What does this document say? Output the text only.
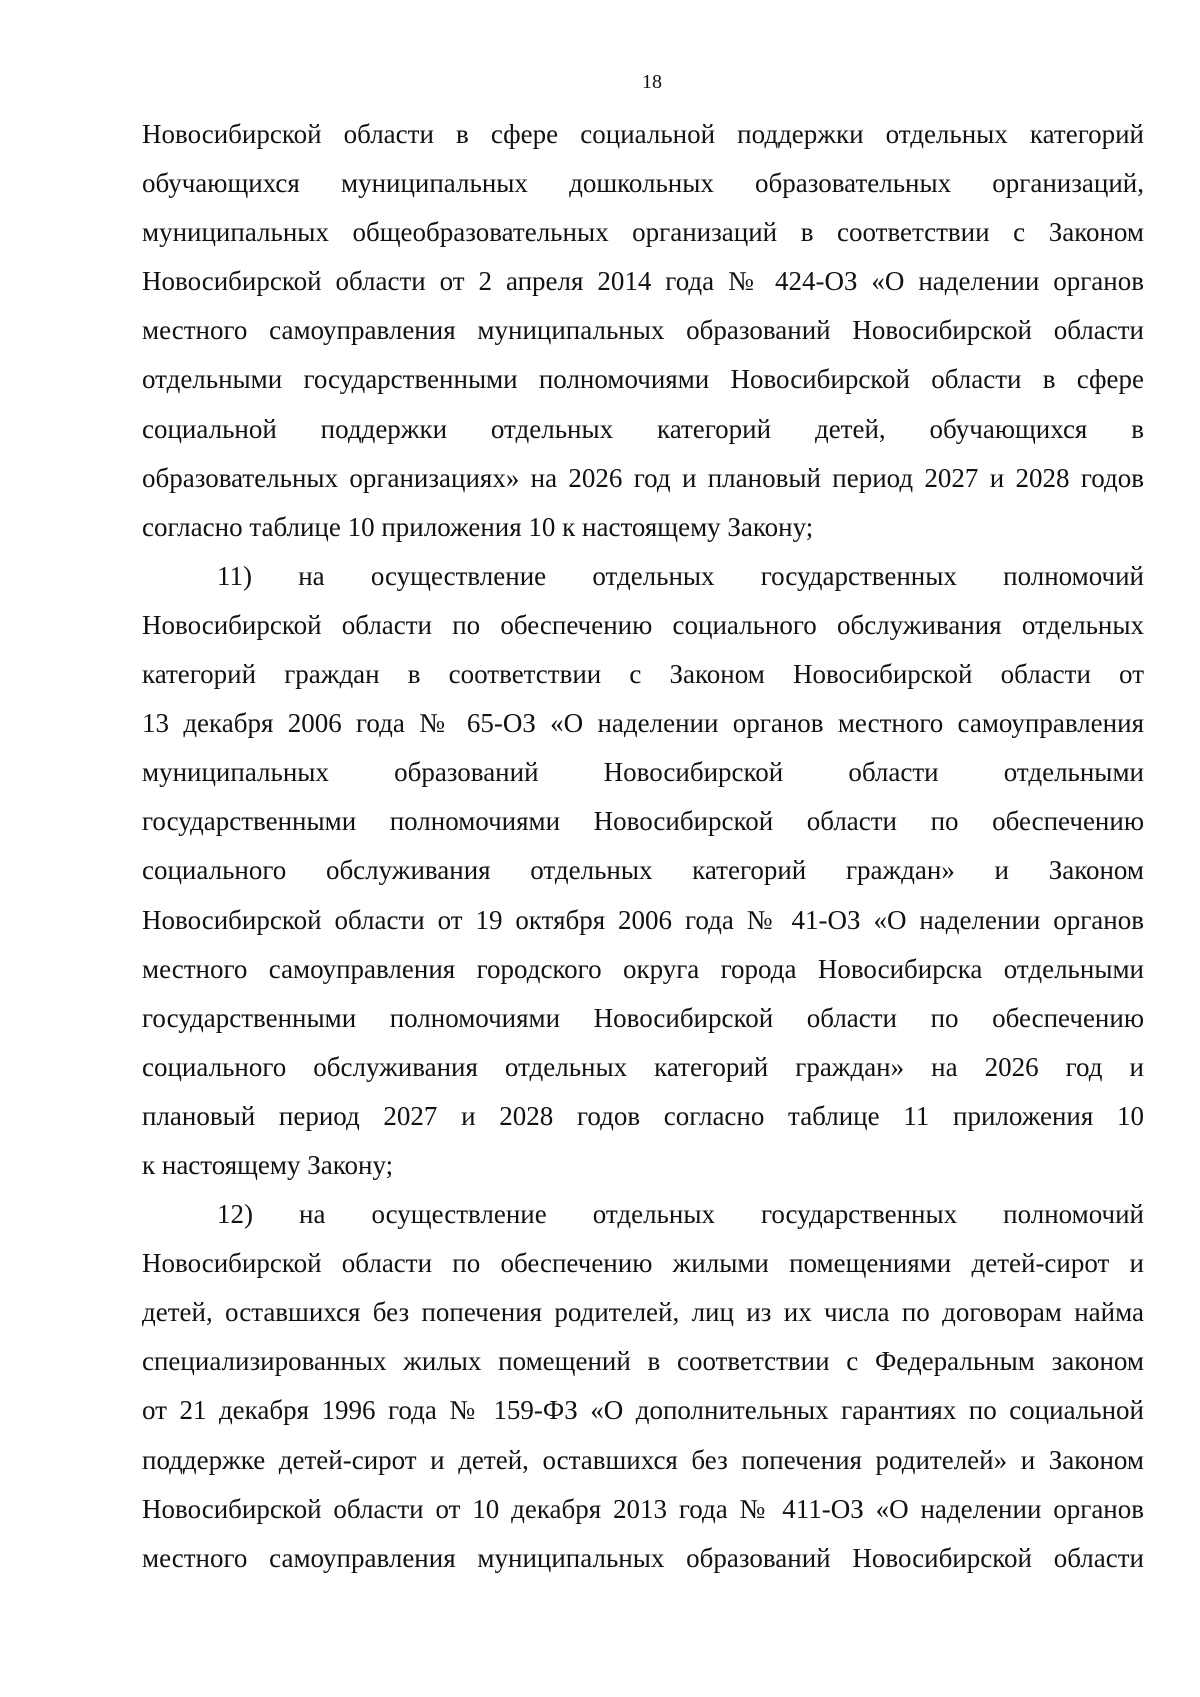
18
Новосибирской области в сфере социальной поддержки отдельных категорий
обучающихся муниципальных дошкольных образовательных организаций,
муниципальных общеобразовательных организаций в соответствии с Законом
Новосибирской области от 2 апреля 2014 года № 424-ОЗ «О наделении органов
местного самоуправления муниципальных образований Новосибирской области
отдельными государственными полномочиями Новосибирской области в сфере
социальной поддержки отдельных категорий детей, обучающихся в
образовательных организациях» на 2026 год и плановый период 2027 и 2028 годов
согласно таблице 10 приложения 10 к настоящему Закону;
11) на осуществление отдельных государственных полномочий
Новосибирской области по обеспечению социального обслуживания отдельных
категорий граждан в соответствии с Законом Новосибирской области от
13 декабря 2006 года № 65-ОЗ «О наделении органов местного самоуправления
муниципальных образований Новосибирской области отдельными
государственными полномочиями Новосибирской области по обеспечению
социального обслуживания отдельных категорий граждан» и Законом
Новосибирской области от 19 октября 2006 года № 41-ОЗ «О наделении органов
местного самоуправления городского округа города Новосибирска отдельными
государственными полномочиями Новосибирской области по обеспечению
социального обслуживания отдельных категорий граждан» на 2026 год и
плановый период 2027 и 2028 годов согласно таблице 11 приложения 10
к настоящему Закону;
12) на осуществление отдельных государственных полномочий
Новосибирской области по обеспечению жилыми помещениями детей-сирот и
детей, оставшихся без попечения родителей, лиц из их числа по договорам найма
специализированных жилых помещений в соответствии с Федеральным законом
от 21 декабря 1996 года № 159-ФЗ «О дополнительных гарантиях по социальной
поддержке детей-сирот и детей, оставшихся без попечения родителей» и Законом
Новосибирской области от 10 декабря 2013 года № 411-ОЗ «О наделении органов
местного самоуправления муниципальных образований Новосибирской области
